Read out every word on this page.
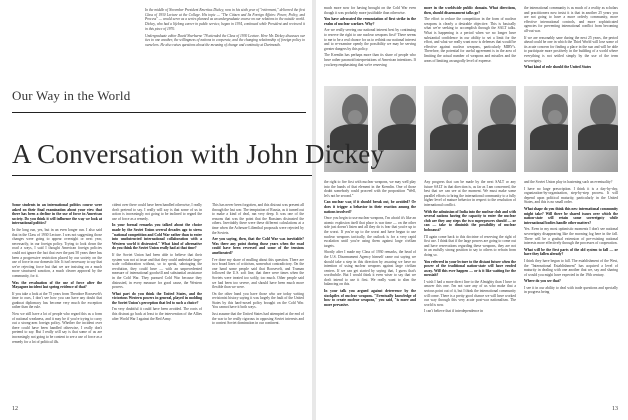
In the middle of November President Emeritus Dickey, now in his sixth year of "retirement," delivered the first Class of 1930 Lecture at the College. His topic — "The Citizen and Its Foreign Affairs: Power, Policy, and Process" — would serve as a series planned as an undergraduate course on our relations to the outside world. Dickey, who had a lifelong career in public service, began in 1934, continued while President and reviewed it in this piece of 1970.

Undergraduate editor David Sherburne '78 attended the Class of 1930 Lecture. Here Mr. Dickey discusses our ties to one another, the willingness of nations to cooperate, and the changing relationship of foreign policy to ourselves. He also raises questions about the meaning of change and continuity at Dartmouth.

Our Way in the World

Some students in an international politics course were asked on their final examination about your view that there has been a decline in the use of force in American society. Do you think it will influence the way we look at international politics?

In the long run, yes, but in an even longer run. I also said that in the Class of 1930 Lecture. I was not suggesting those changes were going to appear overnight or next year, necessarily, in our foreign policy. Trying to look down the road a ways, I said I thought American foreign policies could not ignore the fact that over the past 50 years there has been a progressive restriction placed by our society on the use of force in our domestic life. It isn't necessary to say that we're rejecting force but that we are insisting on a much more structured sanction, a much clearer approval by the community, for it.

Was the revaluation of the use of force after the Mayaguez incident last spring evidence of that?

If you take a look at the 75 years from Theodore Roosevelt's time to ours, I don't see how you can have any doubt that gunboat diplomacy has become very much the exception rather than the rule.

Now we still have a lot of people who regard this as a form of national weakness, and it may be if you're trying to carry out a strong-arm foreign policy. Whether the incident over there could have been handled otherwise, I really don't pretend to say. But I really will say is that some of us are increasingly not going to be content to see a use of force as a remedy for a lot of political ills.

cident over there could have been handled otherwise, I really don't pretend to say. I really will say is that some of us in action is increasingly not going to be inclined to regard the use of force as a remedy.

In your formal remarks you talked about the choice made by the Soviet Union several decades ago to stress "national competition and Cold War rather than to enter into unobstructed international collaboration with a Western world it distrusted." What kind of alternative do you think the Soviet Union really had at that time?

If the Soviet Union had been able to believe that their system was not at issue and that they could undertake large-scale collaboration without, so to speak, sabotaging the revolution, they could have — with an unprecedented measure of international goodwill and substantial assistance in the Cold War. They pursued Cold War because they distrusted, in every measure for good cause, the Western powers.

What part do you think the United States, and the victorious Western powers in general, played in molding the Soviet Union's perception that led to such a choice?

I'm very doubtful it could have been avoided. The roots of this distrust go back at least to the intervention of the Allies after World War I against the Red Army.

This has never been forgotten, and this distrust was present all through the last war. The temptation of Russia, as it turned out to make a kind of deal, ran very deep. It was one of the reasons that was the point that the Russians distrusted the others. Inevitably there were these different calculations at a time when the Acheson-Lilienthal proposals were rejected by the Soviets.

Are you saying, then, that the Cold War was inevitable? Was there any point during those years when the road could have been reversed and some of the tensions ameliorated?

I've done my share of mulling about this question. There are two broad lines of criticism, somewhat contradictory. On the one hand some people said that Roosevelt, and Truman followed the U.S. soft line, that there were times when the Soviets were treated too softly, too much. Other people said we had been too severe, and should have been much more flexible than we were.

On the other hand you have those who are today writing revisionist history saying it was largely the fault of the United States by this hard-nosed policy brought on the Cold War. You cannot have it both ways.

Just assume that the United States had attempted at the end of the war to be really rigorous in opposing Soviet interests and to contest Soviet domination in our continent.

12

much more now for having brought on the Cold War even though it was probably more justifiable than otherwise.

You have advocated the renunciation of first strike in the realm of nuclear warfare. Why?

Are we really serving our national interest best by continuing to reserve the right to use nuclear weapons first? There seems to me to be a real chance for us to rethink our national interest and to re-examine openly the possibility we may be serving greater dangers by this policy.

The Kremlin has perhaps more than its share of people who have rather paranoid interpretations of American intentions. If you keep emphasizing that we're reserving

more in the worldwide public domain. What directions, then, should disarmament talks go?

The effort to reduce the competition in the form of nuclear weapons is clearly a desirable objective. This is basically what we're seeking to accomplish through the SALT talks. What is happening is a period when we no longer have substantial confidence in our ability to set a limit for the effort, and what we really want now is defenses that would be effective against nuclear weapons, particularly MIRV's. Therefore, the potential for useful agreement is in the area of limiting the actual number of weapons and missiles and the areas of limiting an ungodly level of expense.

the international community is as much of a reality as scholars and practitioners now insist it is that in another 25 years you are not going to have a more orderly community, more effective international controls, and more sophisticated agencies for preventing international conflict from becoming all-out war.

If we are reasonably sane during the next 25 years, the period ahead could be one in which the Third World will lose some of its acute concern for finding a place in the sun and will be able to participate more positively in the building of a world where everything is not settled simply by the use of the term sovereignty.

What kind of role should the United States

the right to fire first with nuclear weapons, we may well play into the hands of that element in the Kremlin. One of those doubt somebody could proceed with the proposition "Well, let's not be second."

Can nuclear war, if it should break out, be avoided? Or does it trigger a behavior in their reaction among the nations involved?

Once you begin to use nuclear weapons, I'm afraid it's like an atomic explosion itself that place is war time — on the other side just doesn't listen and all they do is fear that you're up to the worst. If you're up to the worst and have begun to use nuclear weapons tactically, the outlook is for a very rapid escalation until you're using them against large civilian targets.

Shortly after I made my Class of 1930 remarks, the head of the U.S. Disarmament Agency himself came out saying we should take a step in this direction by assuring we have no intention of using nuclear weapons against large civilian centers. If we can get started by saying that, I guess that's worthwhile. But I would think it even wiser to say that we don't intend to use it first. We really want to slim the balancing on this.

In your talk you argued against deterrence by the stockpiles of nuclear weapons. "Eventually knowledge of how to create nuclear weapons," you said, "is more and more pervasive.

Any progress that can be made by the next SALT or any future SALT in that direction is, as far as I am concerned, the best that we can see at the moment. We must make some parallel efforts to bring the international community to a fully higher level of mature behavior in respect to the resolution of international conflict.

With the admission of India into the nuclear club and with several nations having the capacity to enter the nuclear club are they any steps the two superpowers should — or can — take to diminish the possibility of nuclear holocaust?

I'll again come back to this doctrine of reserving the right of first use. I think that if the large powers are going to come out and have reservations regarding these weapons, they are not in an awfully strong position to say to others to refrain from doing so.

You referred in your lecture to the distant future when the power of the traditional nation-state will have eroded away. Will this ever happen — or is it like waiting for the messiah?

I wish I had a more direct line to the Almighty than I have to answer this one. I'm not sure any of us who make that a serious point out of it, but I think the international community will come. There is a pretty good chance we will have worked our way through this very acute post-war nationalism. The world is now.

I can't believe that if interdependence in

and the Soviet Union play in hastening such an eventuality?

I have no large prescription. I think it is a day-by-day, organization-by-organization, step-by-step process. It will depend upon political maturity, particularly in the United States, and this is no small order.

What shape do you think this new international community might take? Will there be shared issues over which the nation-state will retain some sovereignty while international bodies handle other matters?

Yes. Even in my most optimistic moments I don't see national sovereignty disappearing like the morning fog here in the fall. There will be a gradual extension of pre-existing national interests more effectively through the processes of cooperation.

What will be the first parts of the old system to fall — or have they fallen already?

I think they have begun to fall. The establishment of the West, the "International Establishment" has acquired a level of maturity in dealing with one another that we, say and sharing of would you might have expected in the 19th century.

Where do you see that?

I see it in our ability to deal with trade questions and specially in progress being

13
A Conversation with John Dickey
